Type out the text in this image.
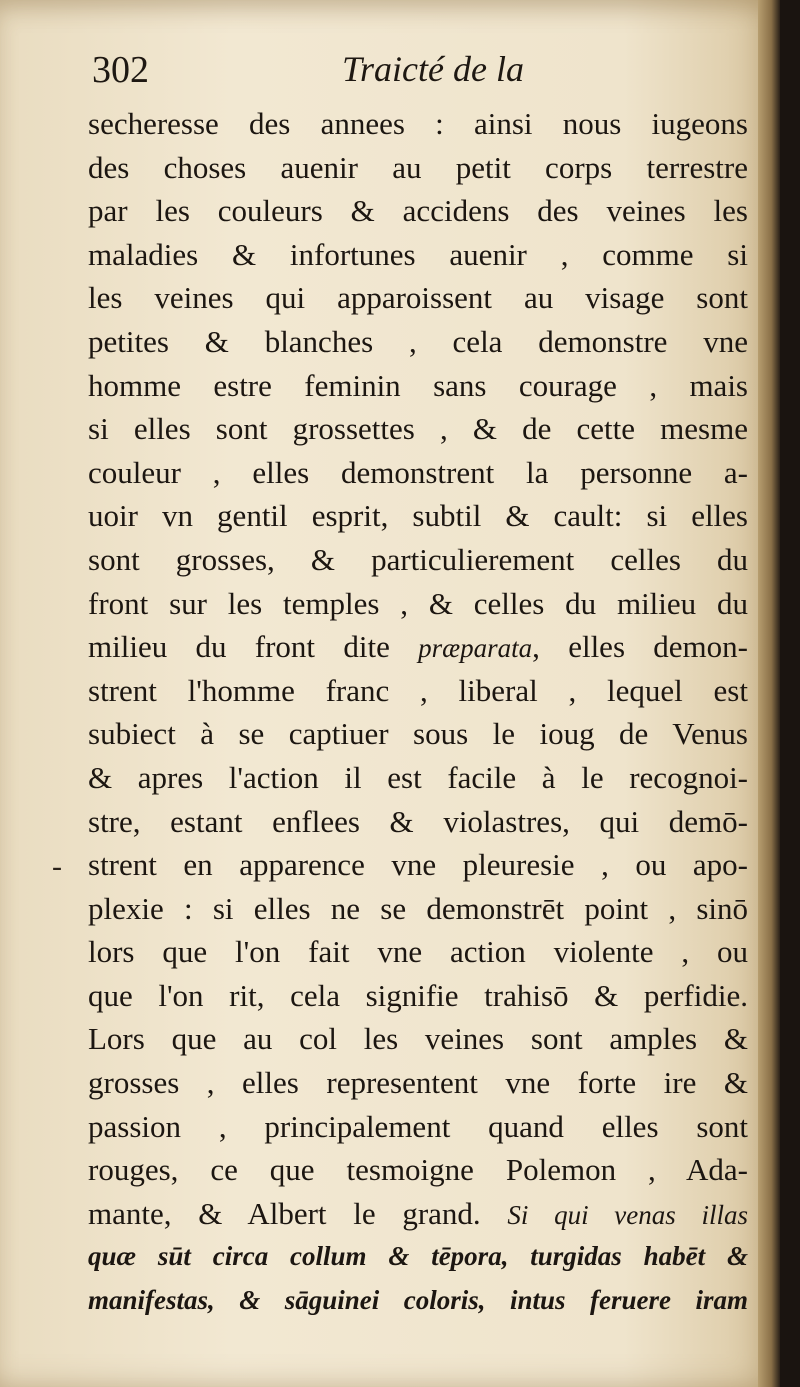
302	Traicté de la
-
secheresse des annees : ainsi nous iugeons
des choses auenir au petit corps terrestre
par les couleurs & accidens des veines les
maladies & infortunes auenir , comme si
les veines qui apparoissent au visage sont
petites & blanches , cela demonstre vne
homme estre feminin sans courage , mais
si elles sont grossettes , & de cette mesme
couleur , elles demonstrent la personne a-
uoir vn gentil esprit, subtil & cault: si elles
sont grosses, & particulierement celles du
front sur les temples , & celles du milieu du
milieu du front dite præparata, elles demon-
strent l'homme franc , liberal , lequel est
subiect à se captiuer sous le ioug de Venus
& apres l'action il est facile à le recognoi-
stre, estant enflees & violastres, qui demō-
strent en apparence vne pleuresie , ou apo-
plexie : si elles ne se demonstrēt point , sinō
lors que l'on fait vne action violente , ou
que l'on rit, cela signifie trahisō & perfidie.
Lors que au col les veines sont amples &
grosses , elles representent vne forte ire &
passion , principalement quand elles sont
rouges, ce que tesmoigne Polemon , Ada-
mante, & Albert le grand. Si qui venas illas
quæ sūt circa collum & tēpora, turgidas habēt &
manifestas, & sāguinei coloris, intus feruere iram
